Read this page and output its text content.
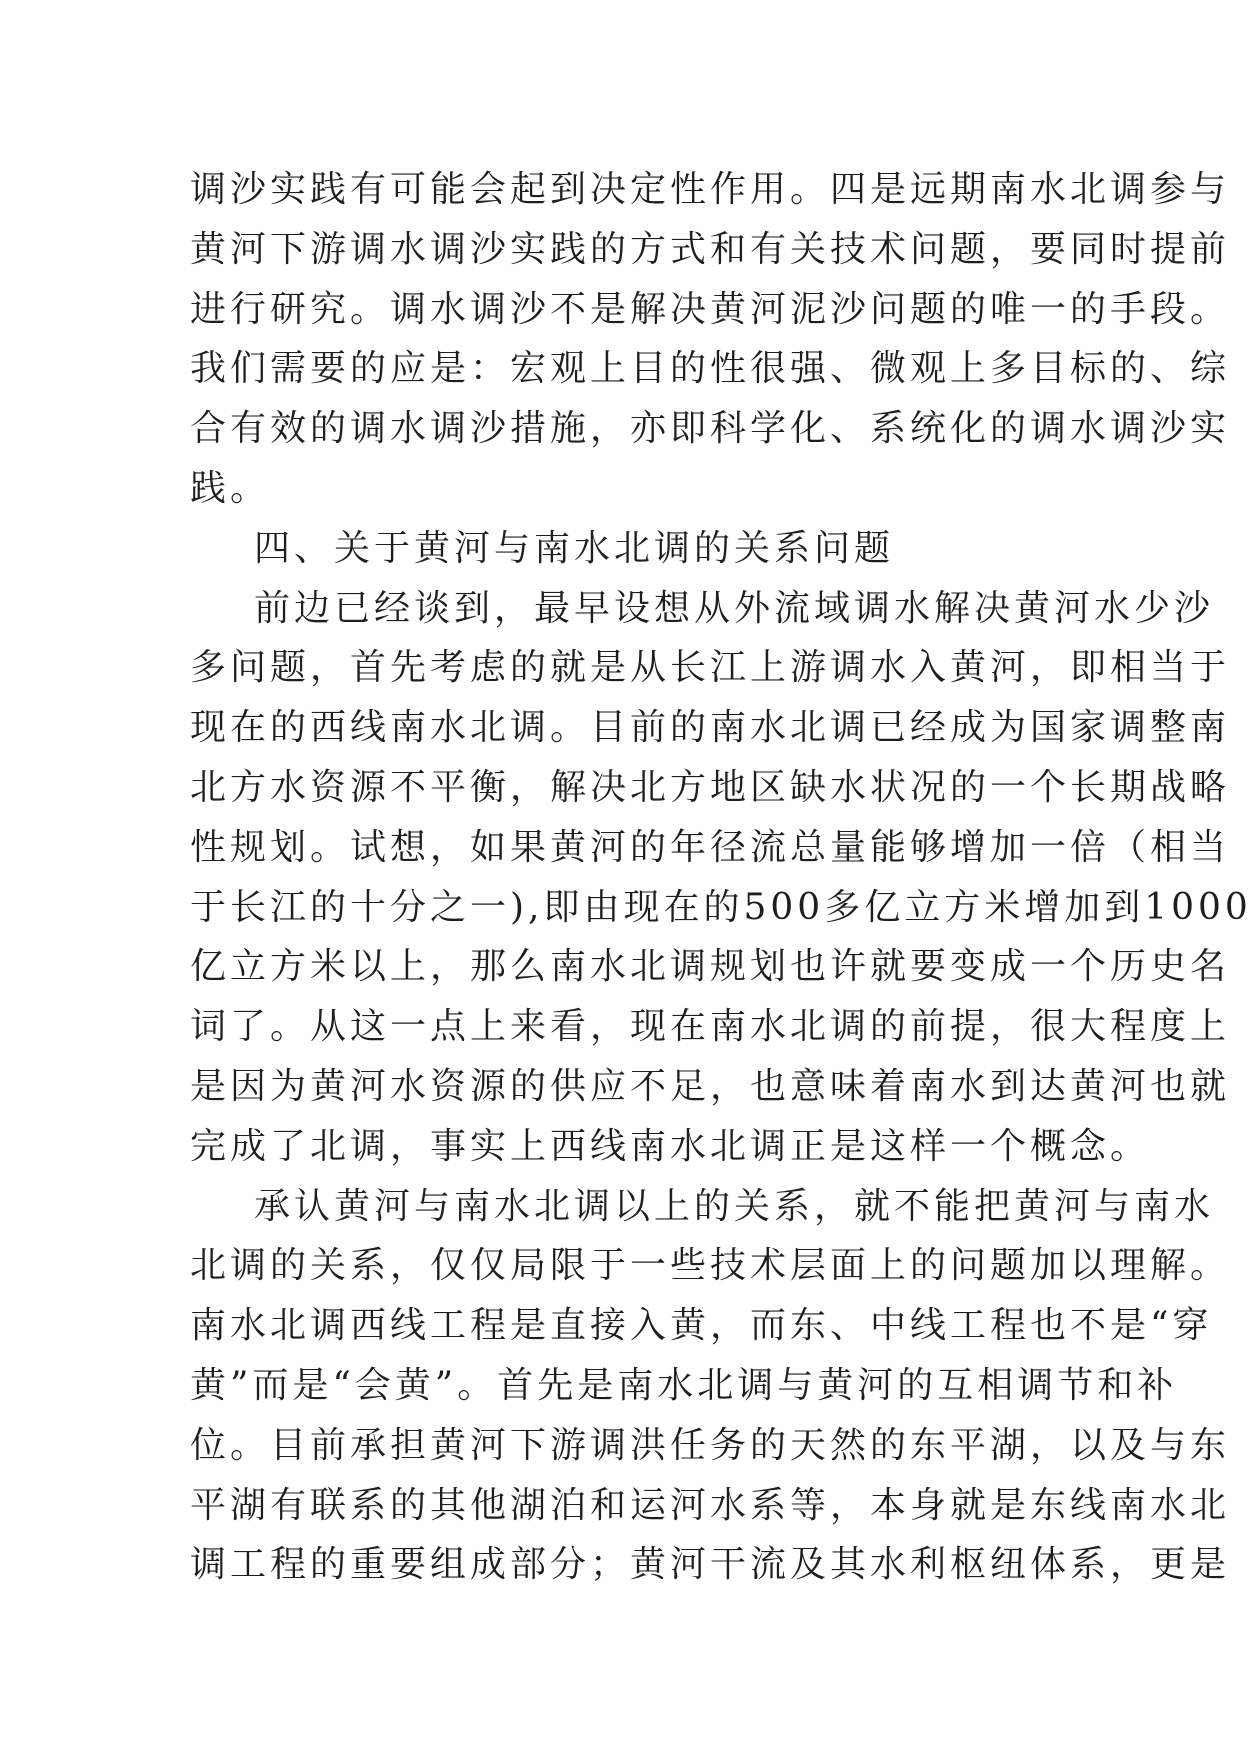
调沙实践有可能会起到决定性作用。四是远期南水北调参与
黄河下游调水调沙实践的方式和有关技术问题，要同时提前
进行研究。调水调沙不是解决黄河泥沙问题的唯一的手段。
我们需要的应是：宏观上目的性很强、微观上多目标的、综
合有效的调水调沙措施，亦即科学化、系统化的调水调沙实
践。
四、关于黄河与南水北调的关系问题
前边已经谈到，最早设想从外流域调水解决黄河水少沙
多问题，首先考虑的就是从长江上游调水入黄河，即相当于
现在的西线南水北调。目前的南水北调已经成为国家调整南
北方水资源不平衡，解决北方地区缺水状况的一个长期战略
性规划。试想，如果黄河的年径流总量能够增加一倍（相当
于长江的十分之一),即由现在的500多亿立方米增加到1000
亿立方米以上，那么南水北调规划也许就要变成一个历史名
词了。从这一点上来看，现在南水北调的前提，很大程度上
是因为黄河水资源的供应不足，也意味着南水到达黄河也就
完成了北调，事实上西线南水北调正是这样一个概念。
承认黄河与南水北调以上的关系，就不能把黄河与南水
北调的关系，仅仅局限于一些技术层面上的问题加以理解。
南水北调西线工程是直接入黄，而东、中线工程也不是“穿
黄”而是“会黄”。首先是南水北调与黄河的互相调节和补
位。目前承担黄河下游调洪任务的天然的东平湖，以及与东
平湖有联系的其他湖泊和运河水系等，本身就是东线南水北
调工程的重要组成部分；黄河干流及其水利枢纽体系，更是
